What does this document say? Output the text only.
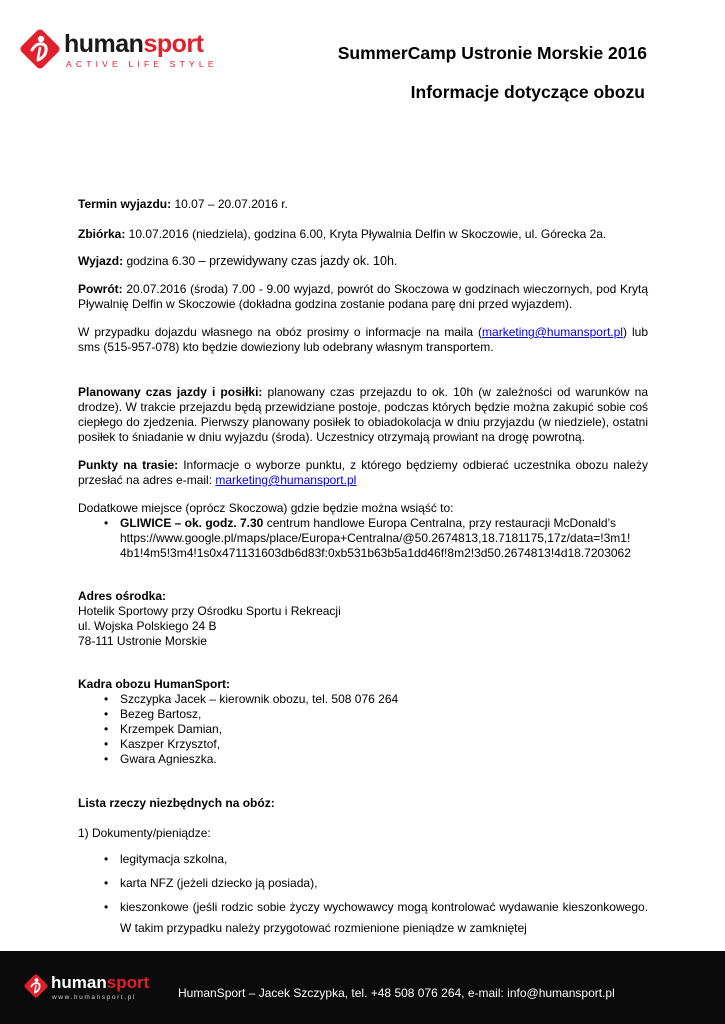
humansport
ACTIVE LIFE STYLE
SummerCamp Ustronie Morskie 2016
Informacje dotyczące obozu

Termin wyjazdu: 10.07 – 20.07.2016 r.

Zbiórka: 10.07.2016 (niedziela), godzina 6.00, Kryta Pływalnia Delfin w Skoczowie, ul. Górecka 2a.

Wyjazd: godzina 6.30 – przewidywany czas jazdy ok. 10h.

Powrót: 20.07.2016 (środa) 7.00 - 9.00 wyjazd, powrót do Skoczowa w godzinach wieczornych, pod Krytą Pływalnię Delfin w Skoczowie (dokładna godzina zostanie podana parę dni przed wyjazdem).

W przypadku dojazdu własnego na obóz prosimy o informacje na maila (marketing@humansport.pl) lub sms (515-957-078) kto będzie dowieziony lub odebrany własnym transportem.

Planowany czas jazdy i posiłki: planowany czas przejazdu to ok. 10h (w zależności od warunków na drodze). W trakcie przejazdu będą przewidziane postoje, podczas których będzie można zakupić sobie coś ciepłego do zjedzenia. Pierwszy planowany posiłek to obiadokolacja w dniu przyjazdu (w niedziele), ostatni posiłek to śniadanie w dniu wyjazdu (środa). Uczestnicy otrzymają prowiant na drogę powrotną.

Punkty na trasie: Informacje o wyborze punktu, z którego będziemy odbierać uczestnika obozu należy przesłać na adres e-mail: marketing@humansport.pl

Dodatkowe miejsce (oprócz Skoczowa) gdzie będzie można wsiąść to:

• GLIWICE – ok. godz. 7.30 centrum handlowe Europa Centralna, przy restauracji McDonald’s
https://www.google.pl/maps/place/Europa+Centralna/@50.2674813,18.7181175,17z/data=!3m1!
4b1!4m5!3m4!1s0x471131603db6d83f:0xb531b63b5a1dd46f!8m2!3d50.2674813!4d18.7203062

Adres ośrodka:

Hotelik Sportowy przy Ośrodku Sportu i Rekreacji

ul. Wojska Polskiego 24 B

78-111 Ustronie Morskie

Kadra obozu HumanSport:

• Szczypka Jacek – kierownik obozu, tel. 508 076 264
• Bezeg Bartosz,
• Krzempek Damian,
• Kaszper Krzysztof,
• Gwara Agnieszka.

Lista rzeczy niezbędnych na obóz:

1) Dokumenty/pieniądze:

• legitymacja szkolna,
• karta NFZ (jeżeli dziecko ją posiada),
• kieszonkowe (jeśli rodzic sobie życzy wychowawcy mogą kontrolować wydawanie kieszonkowego. W takim przypadku należy przygotować rozmienione pieniądze w zamkniętej
humansport
www.humansport.pl	HumanSport – Jacek Szczypka, tel. +48 508 076 264, e-mail: info@humansport.pl
